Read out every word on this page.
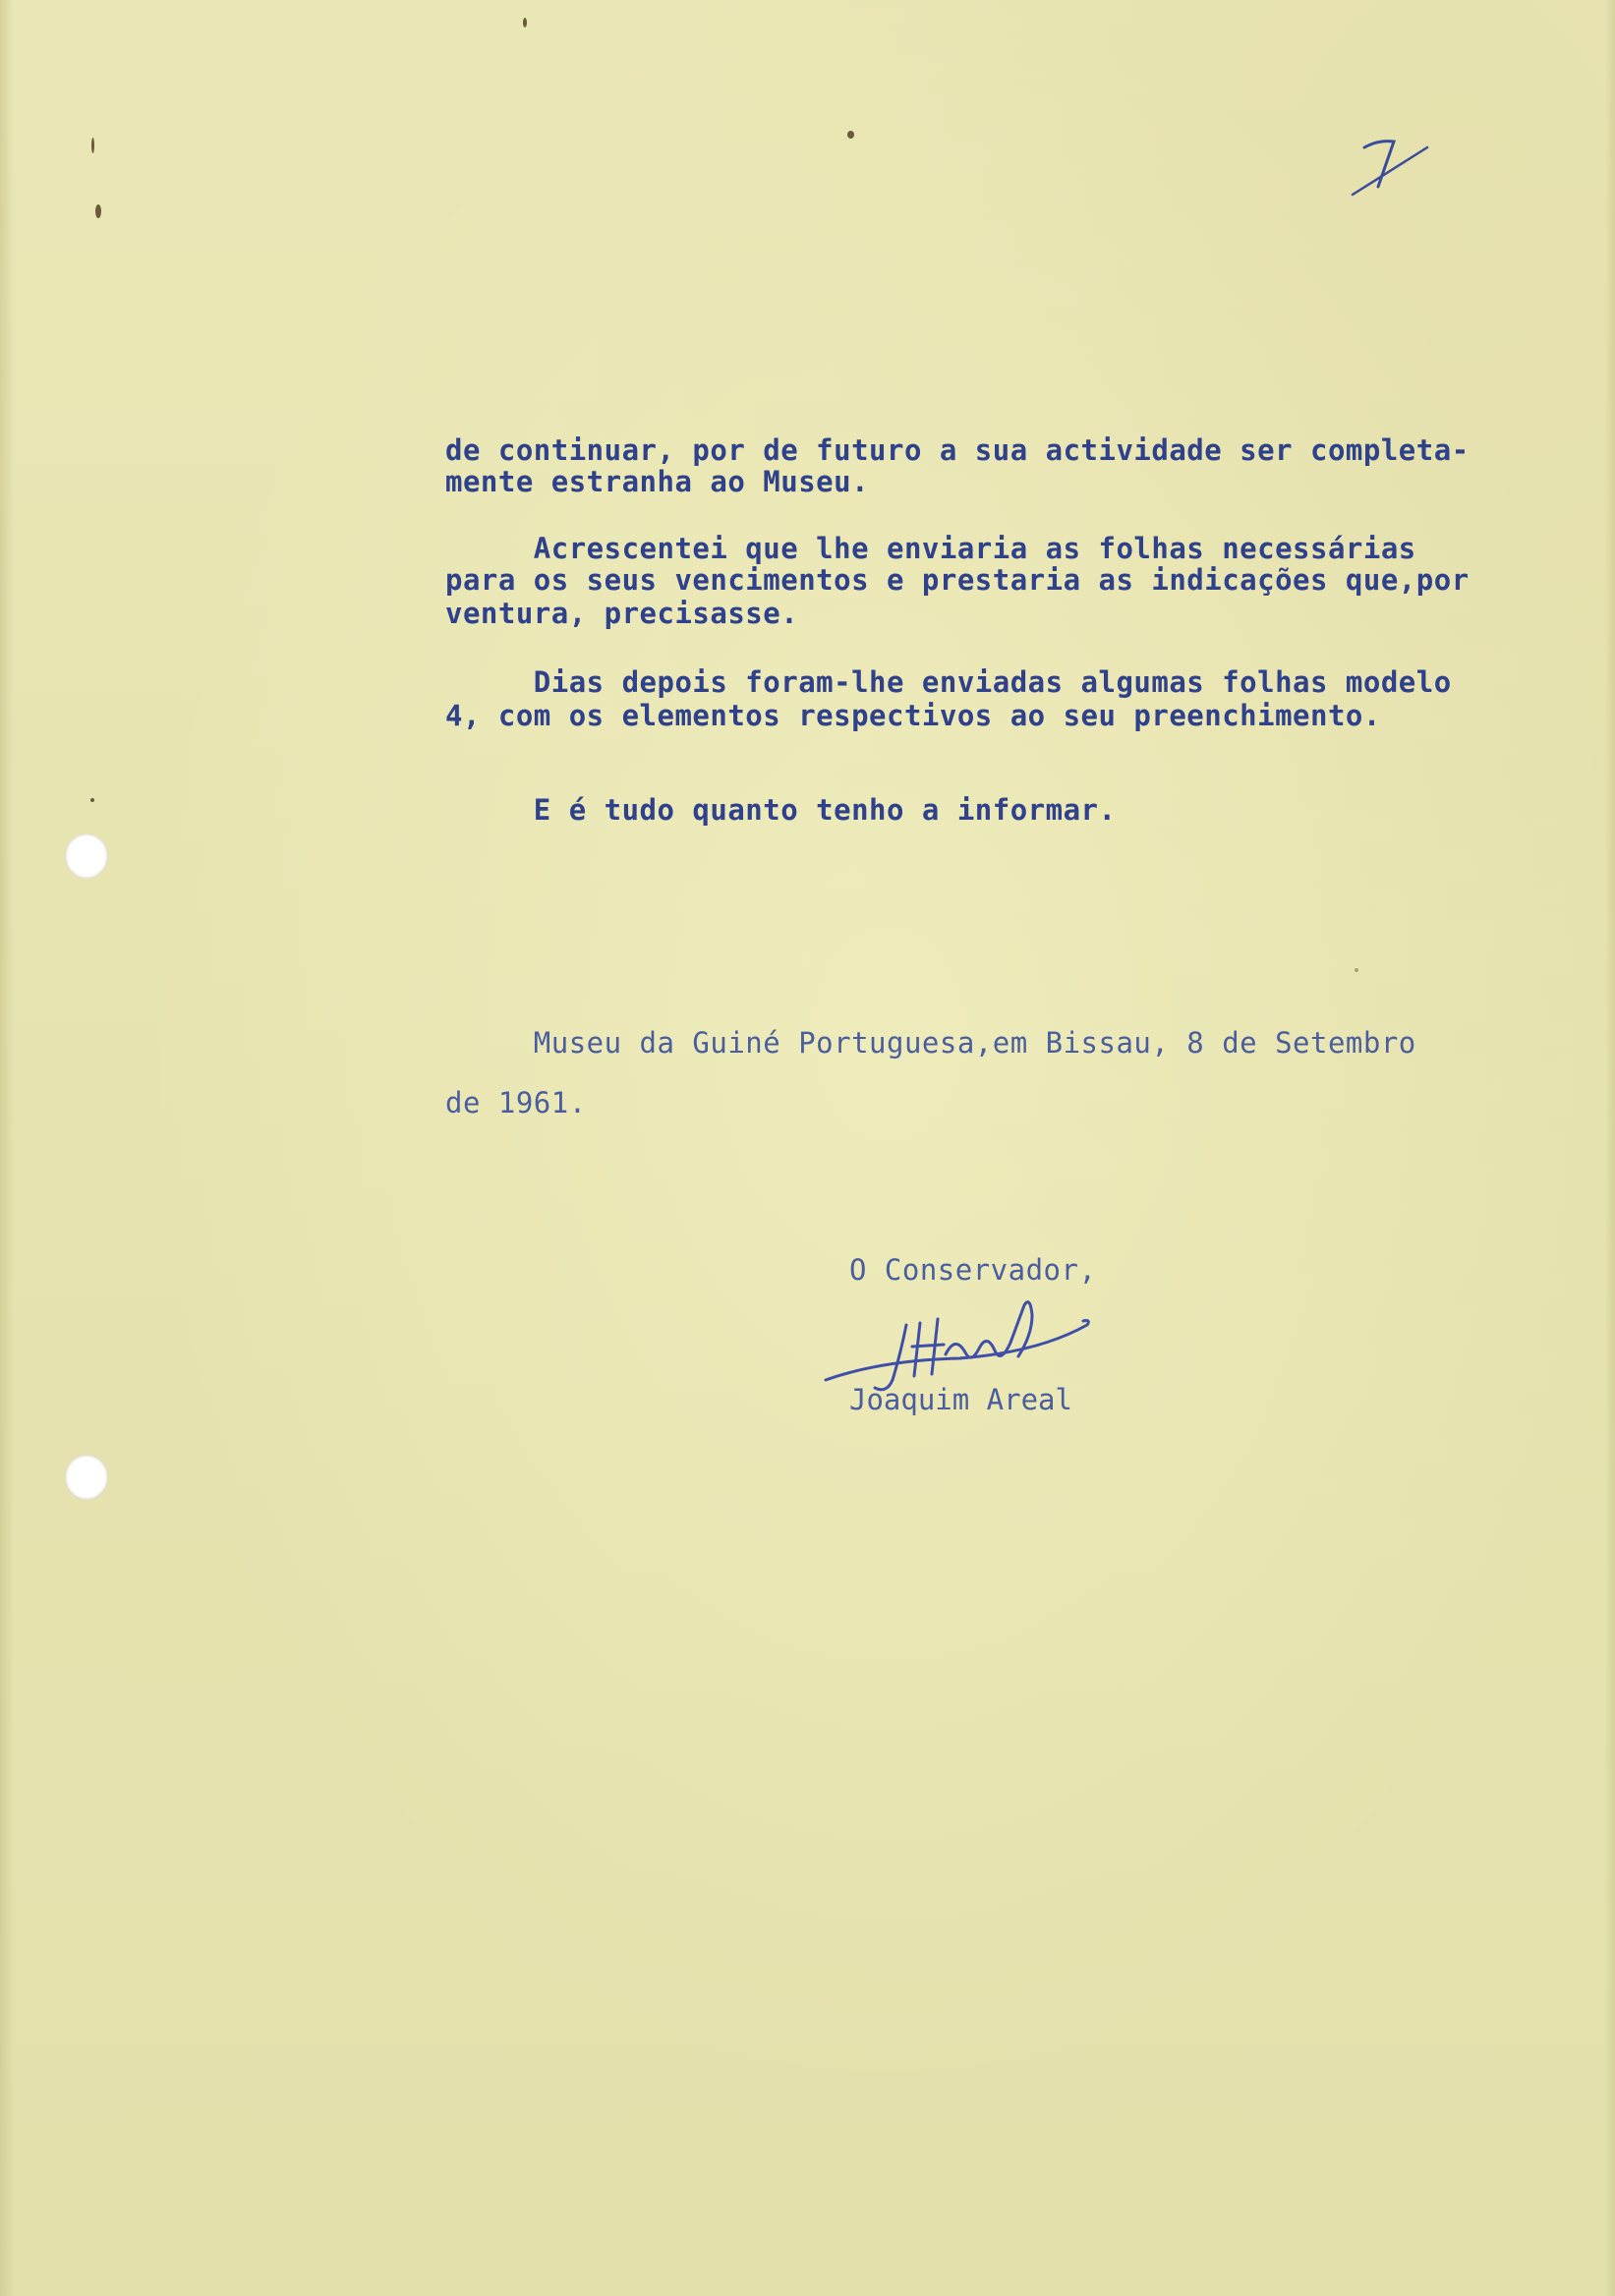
de continuar, por de futuro a sua actividade ser completa-
mente estranha ao Museu.
Acrescentei que lhe enviaria as folhas necessárias
para os seus vencimentos e prestaria as indicações que,por
ventura, precisasse.
Dias depois foram-lhe enviadas algumas folhas modelo
4, com os elementos respectivos ao seu preenchimento.
E é tudo quanto tenho a informar.
Museu da Guiné Portuguesa,em Bissau, 8 de Setembro
de 1961.
O Conservador,
Joaquim Areal
